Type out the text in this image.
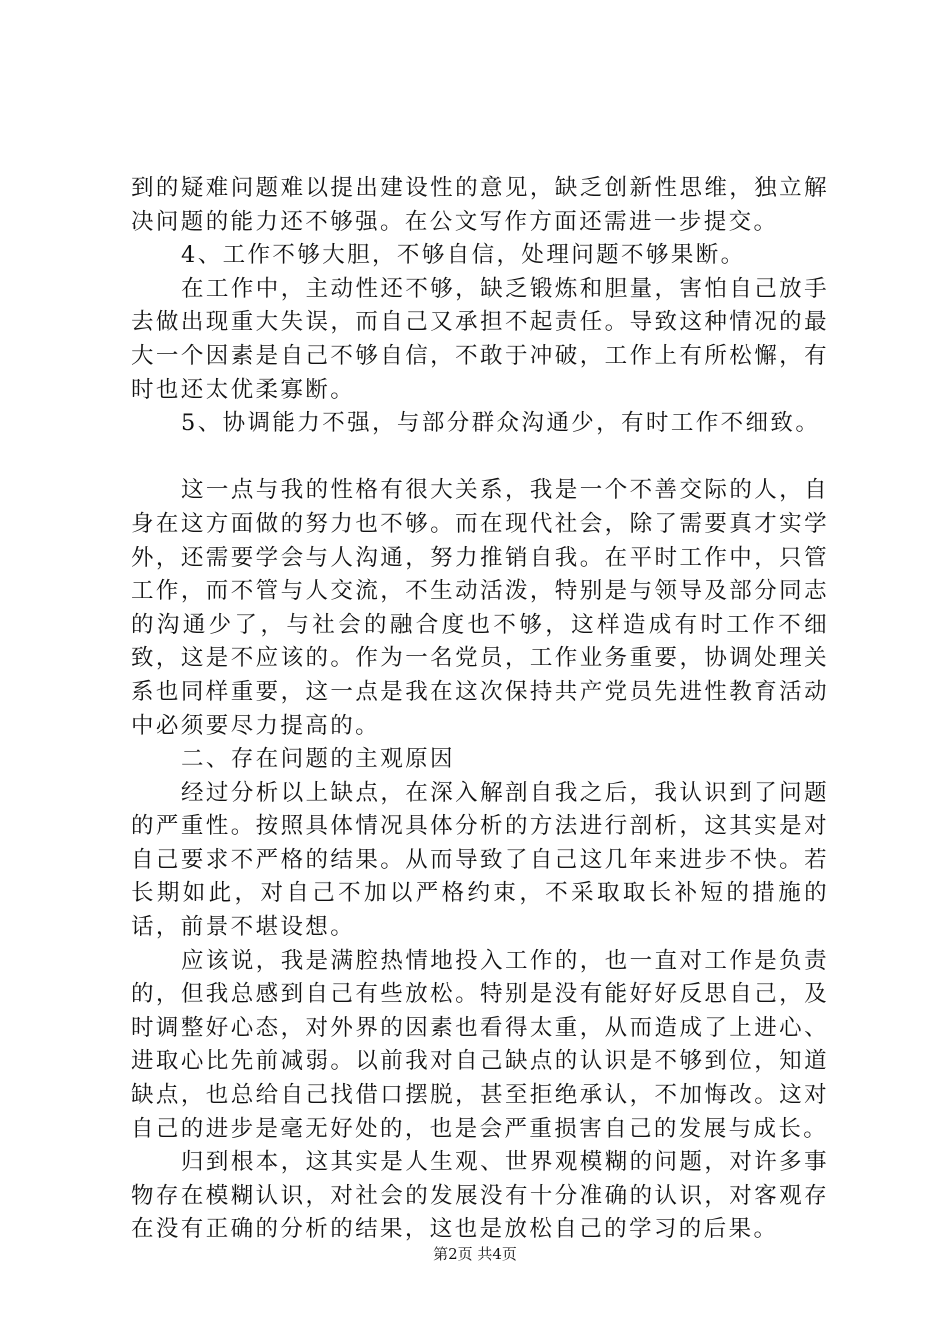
到的疑难问题难以提出建设性的意见，缺乏创新性思维，独立解决问题的能力还不够强。在公文写作方面还需进一步提交。

4、工作不够大胆，不够自信，处理问题不够果断。

在工作中，主动性还不够，缺乏锻炼和胆量，害怕自己放手去做出现重大失误，而自己又承担不起责任。导致这种情况的最大一个因素是自己不够自信，不敢于冲破，工作上有所松懈，有时也还太优柔寡断。

5、协调能力不强，与部分群众沟通少，有时工作不细致。

这一点与我的性格有很大关系，我是一个不善交际的人，自身在这方面做的努力也不够。而在现代社会，除了需要真才实学外，还需要学会与人沟通，努力推销自我。在平时工作中，只管工作，而不管与人交流，不生动活泼，特别是与领导及部分同志的沟通少了，与社会的融合度也不够，这样造成有时工作不细致，这是不应该的。作为一名党员，工作业务重要，协调处理关系也同样重要，这一点是我在这次保持共产党员先进性教育活动中必须要尽力提高的。

二、存在问题的主观原因

经过分析以上缺点，在深入解剖自我之后，我认识到了问题的严重性。按照具体情况具体分析的方法进行剖析，这其实是对自己要求不严格的结果。从而导致了自己这几年来进步不快。若长期如此，对自己不加以严格约束，不采取取长补短的措施的话，前景不堪设想。

应该说，我是满腔热情地投入工作的，也一直对工作是负责的，但我总感到自己有些放松。特别是没有能好好反思自己，及时调整好心态，对外界的因素也看得太重，从而造成了上进心、进取心比先前减弱。以前我对自己缺点的认识是不够到位，知道缺点，也总给自己找借口摆脱，甚至拒绝承认，不加悔改。这对自己的进步是毫无好处的，也是会严重损害自己的发展与成长。

归到根本，这其实是人生观、世界观模糊的问题，对许多事物存在模糊认识，对社会的发展没有十分准确的认识，对客观存在没有正确的分析的结果，这也是放松自己的学习的后果。

第2页 共4页
